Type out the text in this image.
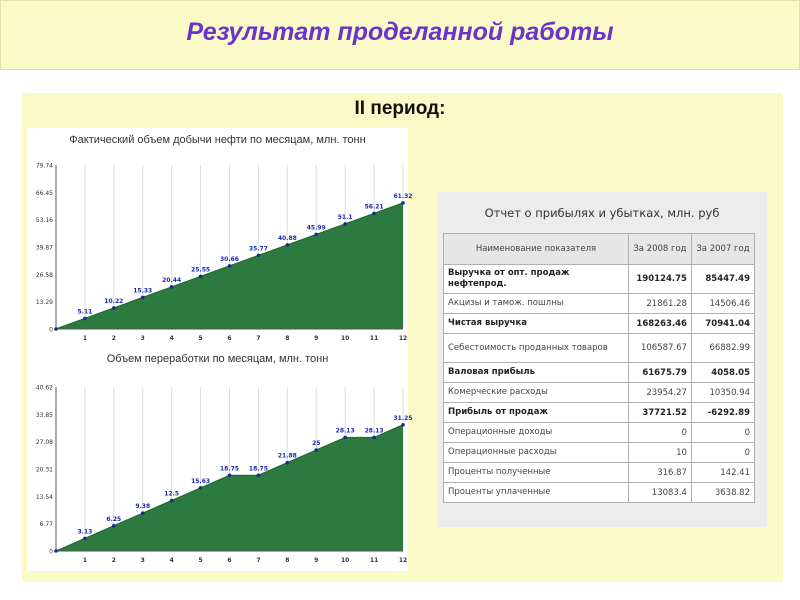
Результат проделанной работы
II период:
Фактический объем добычи нефти по месяцам, млн. тонн
0
13.29
26.58
39.87
53.16
66.45
79.74
1	2	3	4	5	6	7	8	9	10	11	12
5.11
10.22
15.33
20.44
25.55
30.66
35.77
40.88
45.99
51.1
56.21
61.32
Объем переработки по месяцам, млн. тонн
0
6.77
13.54
20.31
27.08
33.85
40.62
1	2	3	4	5	6	7	8	9	10	11	12
3.13
6.25
9.38
12.5
15.63
18.75 18.75
21.88
25
28.13 28.13
31.25
Отчет о прибылях и убытках, млн. руб
Наименование показателя	За 2008 год	За 2007 год
Выручка от опт. продаж нефтепрод.	190124.75	85447.49
Акцизы и тамож. пошлны	21861.28	14506.46
Чистая выручка	168263.46	70941.04
Себестоимость проданных товаров	106587.67	66882.99
Валовая прибыль	61675.79	4058.05
Комерческие расходы	23954.27	10350.94
Прибыль от продаж	37721.52	-6292.89
Операционные доходы	0	0
Операционные расходы	10	0
Проценты полученные	316.87	142.41
Проценты уплаченные	13083.4	3638.82
